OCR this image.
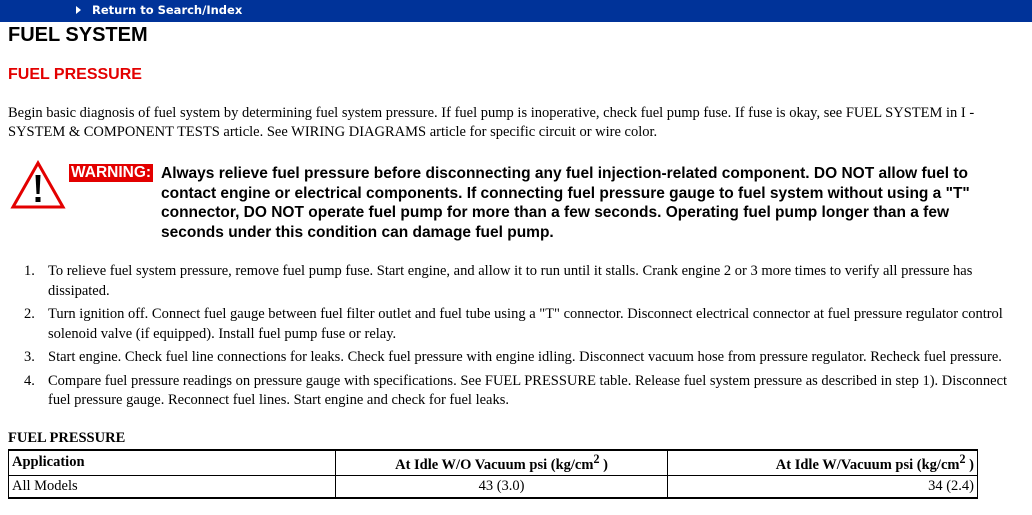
Return to Search/Index
FUEL SYSTEM
FUEL PRESSURE

Begin basic diagnosis of fuel system by determining fuel system pressure. If fuel pump is inoperative, check fuel pump fuse. If fuse is okay, see FUEL SYSTEM in I - SYSTEM & COMPONENT TESTS article. See WIRING DIAGRAMS article for specific circuit or wire color.

WARNING: Always relieve fuel pressure before disconnecting any fuel injection-related component. DO NOT allow fuel to contact engine or electrical components. If connecting fuel pressure gauge to fuel system without using a "T" connector, DO NOT operate fuel pump for more than a few seconds. Operating fuel pump longer than a few seconds under this condition can damage fuel pump.

1. To relieve fuel system pressure, remove fuel pump fuse. Start engine, and allow it to run until it stalls. Crank engine 2 or 3 more times to verify all pressure has dissipated.
2. Turn ignition off. Connect fuel gauge between fuel filter outlet and fuel tube using a "T" connector. Disconnect electrical connector at fuel pressure regulator control solenoid valve (if equipped). Install fuel pump fuse or relay.
3. Start engine. Check fuel line connections for leaks. Check fuel pressure with engine idling. Disconnect vacuum hose from pressure regulator. Recheck fuel pressure.
4. Compare fuel pressure readings on pressure gauge with specifications. See FUEL PRESSURE table. Release fuel system pressure as described in step 1). Disconnect fuel pressure gauge. Reconnect fuel lines. Start engine and check for fuel leaks.
FUEL PRESSURE
Application	At Idle W/O Vacuum psi ($kg/cm^2$ )	At Idle W/Vacuum psi ($kg/cm^2$ )
All Models	43 (3.0)	34 (2.4)
